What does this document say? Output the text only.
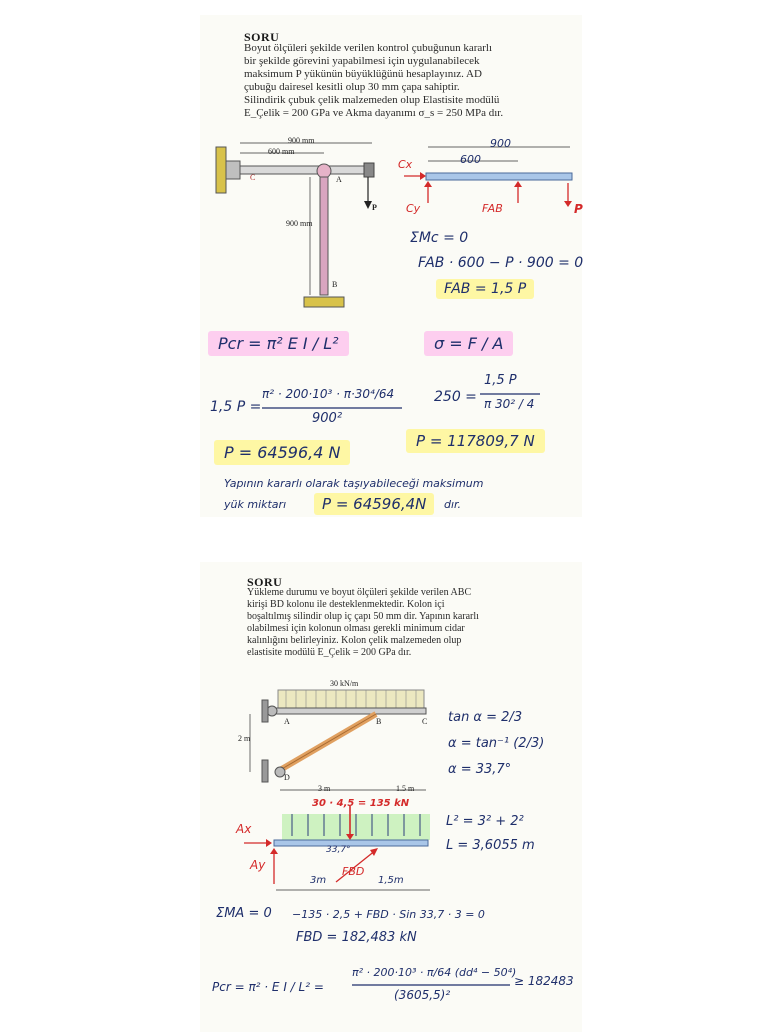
SORU
Boyut ölçüleri şekilde verilen kontrol çubuğunun kararlı
bir şekilde görevini yapabilmesi için uygulanabilecek
maksimum P yükünün büyüklüğünü hesaplayınız. AD
çubuğu dairesel kesitli olup 30 mm çapa sahiptir.
Silindirik çubuk çelik malzemeden olup Elastisite modülü
E_Çelik = 200 GPa ve Akma dayanımı σ_s = 250 MPa dır.
900 mm
600 mm
900 mm
C	A
B
P
900
600
Cx
Cy	FAB	P
ΣMc = 0
FAB · 600 − P · 900 = 0
FAB = 1,5 P
Pcr = π² E I / L²	σ = F / A
1,5 P =
π² · 200·10³ · π·30⁴/64
900²
250 =
1,5 P
π 30² / 4
P = 64596,4 N
P = 117809,7 N
Yapının kararlı olarak taşıyabileceği maksimum
yük miktarı	P = 64596,4N	dır.
SORU
Yükleme durumu ve boyut ölçüleri şekilde verilen ABC
kirişi BD kolonu ile desteklenmektedir. Kolon içi
boşaltılmış silindir olup iç çapı 50 mm dir. Yapının kararlı
olabilmesi için kolonun olması gerekli minimum cidar
kalınlığını belirleyiniz. Kolon çelik malzemeden olup
elastisite modülü E_Çelik = 200 GPa dır.
30 kN/m
2 m
3 m	1.5 m
A	B	C
D
tan α = 2/3
α = tan⁻¹ (2/3)
α = 33,7°
30 · 4,5 = 135 kN
Ax
Ay
33,7°
FBD
3m	1,5m
L² = 3² + 2²
L = 3,6055 m
ΣMA = 0 −135 · 2,5 + FBD · Sin 33,7 · 3 = 0
FBD = 182,483 kN
Pcr = π² · E I / L² =
π² · 200·10³ · π/64 (dd⁴ − 50⁴)
(3605,5)²
≥ 182483
